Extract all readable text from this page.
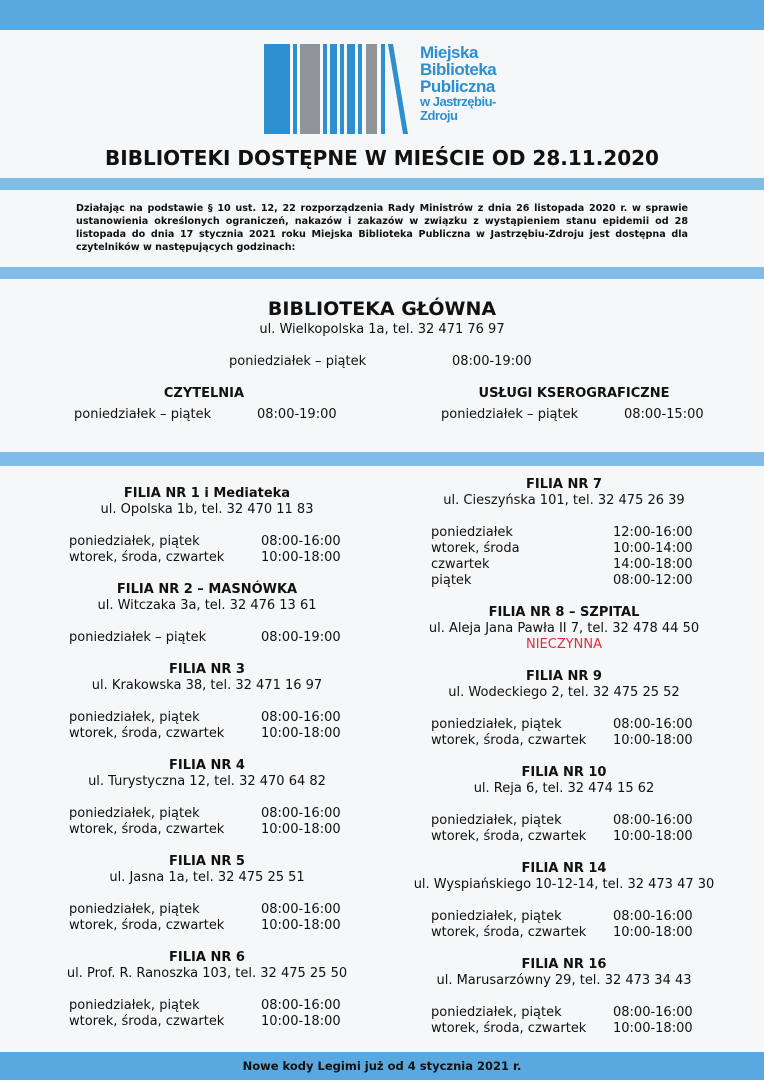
Miejska
Biblioteka
Publiczna
w Jastrzębiu-
Zdroju
BIBLIOTEKI DOSTĘPNE W MIEŚCIE OD 28.11.2020
Działając na podstawie § 10 ust. 12, 22 rozporządzenia Rady Ministrów z dnia 26 listopada 2020 r. w sprawie ustanowienia określonych ograniczeń, nakazów i zakazów w związku z wystąpieniem stanu epidemii od 28 listopada do dnia 17 stycznia 2021 roku Miejska Biblioteka Publiczna w Jastrzębiu-Zdroju jest dostępna dla czytelników w następujących godzinach:
BIBLIOTEKA GŁÓWNA
ul. Wielkopolska 1a, tel. 32 471 76 97
poniedziałek – piątek	08:00-19:00
CZYTELNIA
poniedziałek – piątek	08:00-19:00
USŁUGI KSEROGRAFICZNE
poniedziałek – piątek	08:00-15:00
FILIA NR 1 i Mediateka
ul. Opolska 1b, tel. 32 470 11 83
poniedziałek, piątek	08:00-16:00
wtorek, środa, czwartek	10:00-18:00
FILIA NR 2 – MASNÓWKA
ul. Witczaka 3a, tel. 32 476 13 61
poniedziałek – piątek	08:00-19:00
FILIA NR 3
ul. Krakowska 38, tel. 32 471 16 97
poniedziałek, piątek	08:00-16:00
wtorek, środa, czwartek	10:00-18:00
FILIA NR 4
ul. Turystyczna 12, tel. 32 470 64 82
poniedziałek, piątek	08:00-16:00
wtorek, środa, czwartek	10:00-18:00
FILIA NR 5
ul. Jasna 1a, tel. 32 475 25 51
poniedziałek, piątek	08:00-16:00
wtorek, środa, czwartek	10:00-18:00
FILIA NR 6
ul. Prof. R. Ranoszka 103, tel. 32 475 25 50
poniedziałek, piątek	08:00-16:00
wtorek, środa, czwartek	10:00-18:00
FILIA NR 7
ul. Cieszyńska 101, tel. 32 475 26 39
poniedziałek	12:00-16:00
wtorek, środa	10:00-14:00
czwartek	14:00-18:00
piątek	08:00-12:00
FILIA NR 8 – SZPITAL
ul. Aleja Jana Pawła II 7, tel. 32 478 44 50
NIECZYNNA
FILIA NR 9
ul. Wodeckiego 2, tel. 32 475 25 52
poniedziałek, piątek	08:00-16:00
wtorek, środa, czwartek 10:00-18:00
FILIA NR 10
ul. Reja 6, tel. 32 474 15 62
poniedziałek, piątek	08:00-16:00
wtorek, środa, czwartek 10:00-18:00
FILIA NR 14
ul. Wyspiańskiego 10-12-14, tel. 32 473 47 30
poniedziałek, piątek	08:00-16:00
wtorek, środa, czwartek 10:00-18:00
FILIA NR 16
ul. Marusarzówny 29, tel. 32 473 34 43
poniedziałek, piątek	08:00-16:00
wtorek, środa, czwartek 10:00-18:00
Nowe kody Legimi już od 4 stycznia 2021 r.
